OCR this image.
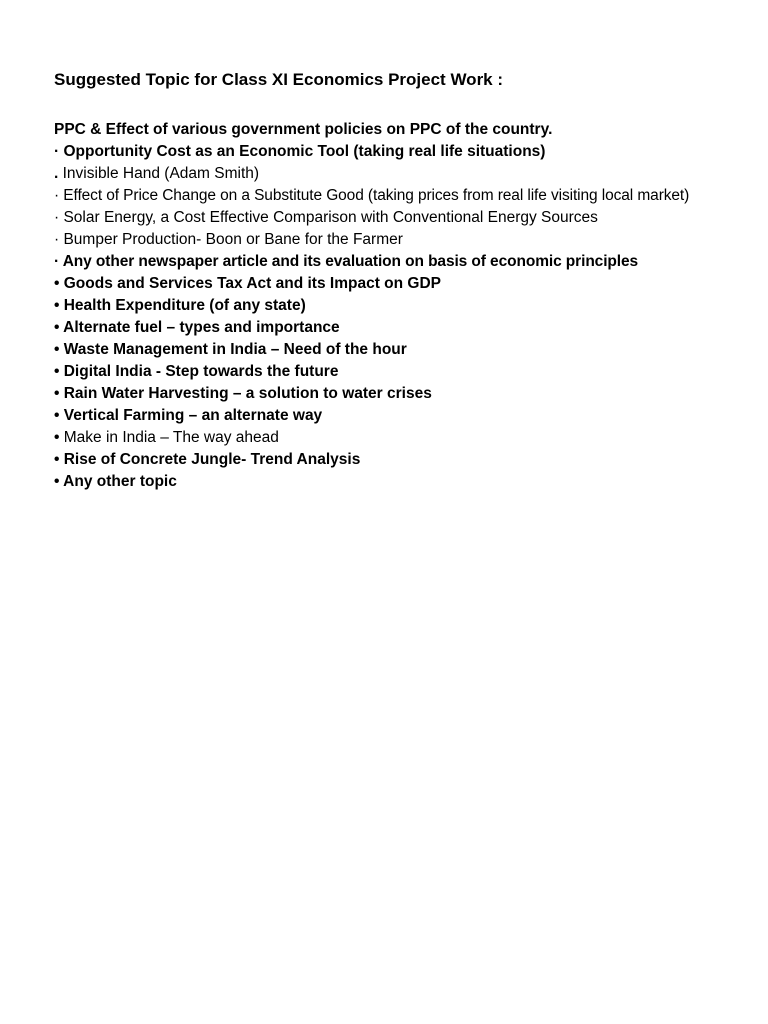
Suggested Topic for Class XI Economics Project Work :

PPC & Effect of various government policies on PPC of the country.

· Opportunity Cost as an Economic Tool (taking real life situations)

. Invisible Hand (Adam Smith)

· Effect of Price Change on a Substitute Good (taking prices from real life visiting local market)

· Solar Energy, a Cost Effective Comparison with Conventional Energy Sources

· Bumper Production- Boon or Bane for the Farmer

· Any other newspaper article and its evaluation on basis of economic principles

• Goods and Services Tax Act and its Impact on GDP

• Health Expenditure (of any state)

• Alternate fuel – types and importance

• Waste Management in India – Need of the hour

• Digital India - Step towards the future

• Rain Water Harvesting – a solution to water crises

• Vertical Farming – an alternate way

• Make in India – The way ahead

• Rise of Concrete Jungle- Trend Analysis

• Any other topic
